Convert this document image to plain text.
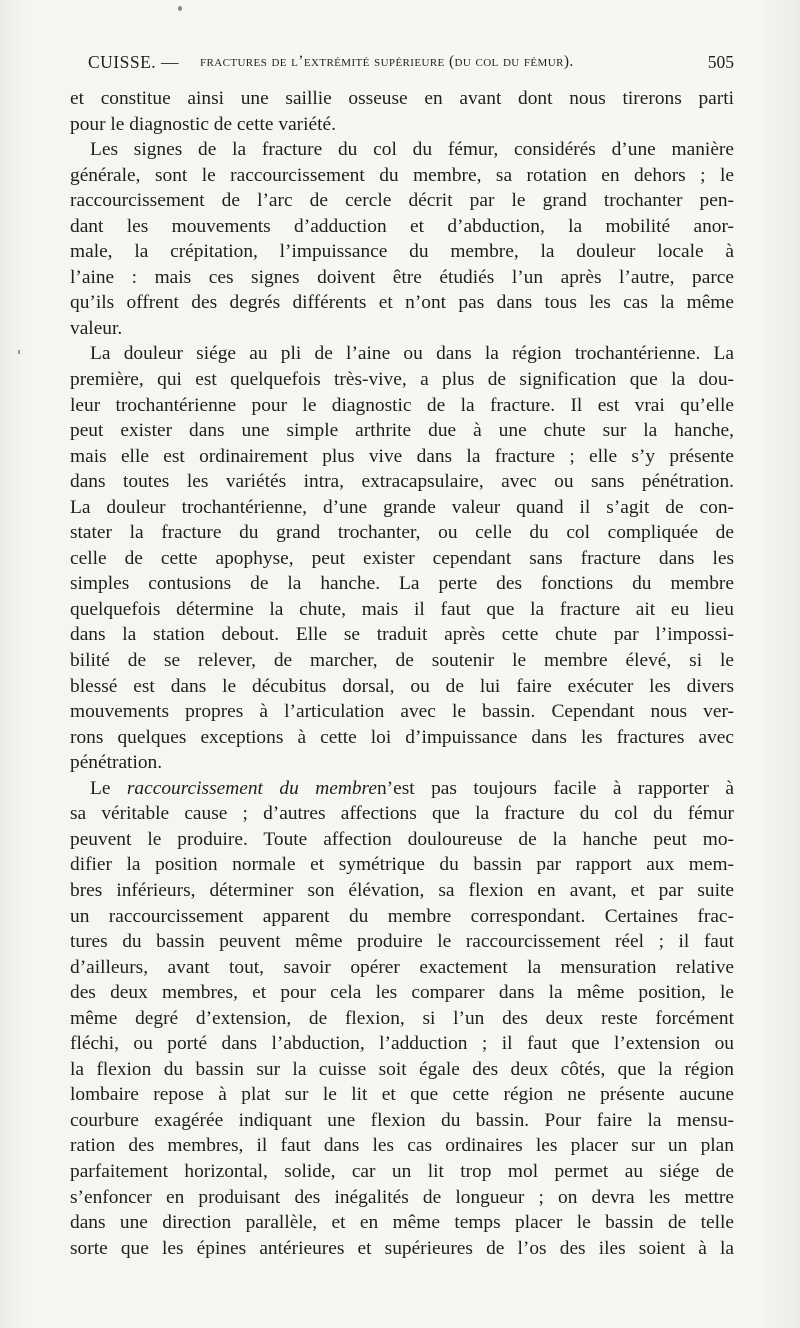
CUISSE. — fractures de l’extrémité supérieure (du col du fémur).	505
et constitue ainsi une saillie osseuse en avant dont nous tirerons parti
pour le diagnostic de cette variété.
Les signes de la fracture du col du fémur, considérés d’une manière
générale, sont le raccourcissement du membre, sa rotation en dehors ; le
raccourcissement de l’arc de cercle décrit par le grand trochanter pen-
dant les mouvements d’adduction et d’abduction, la mobilité anor-
male, la crépitation, l’impuissance du membre, la douleur locale à
l’aine : mais ces signes doivent être étudiés l’un après l’autre, parce
qu’ils offrent des degrés différents et n’ont pas dans tous les cas la même
valeur.
La douleur siége au pli de l’aine ou dans la région trochantérienne. La
première, qui est quelquefois très-vive, a plus de signification que la dou-
leur trochantérienne pour le diagnostic de la fracture. Il est vrai qu’elle
peut exister dans une simple arthrite due à une chute sur la hanche,
mais elle est ordinairement plus vive dans la fracture ; elle s’y présente
dans toutes les variétés intra, extracapsulaire, avec ou sans pénétration.
La douleur trochantérienne, d’une grande valeur quand il s’agit de con-
stater la fracture du grand trochanter, ou celle du col compliquée de
celle de cette apophyse, peut exister cependant sans fracture dans les
simples contusions de la hanche. La perte des fonctions du membre
quelquefois détermine la chute, mais il faut que la fracture ait eu lieu
dans la station debout. Elle se traduit après cette chute par l’impossi-
bilité de se relever, de marcher, de soutenir le membre élevé, si le
blessé est dans le décubitus dorsal, ou de lui faire exécuter les divers
mouvements propres à l’articulation avec le bassin. Cependant nous ver-
rons quelques exceptions à cette loi d’impuissance dans les fractures avec
pénétration.
Le raccourcissement du membren’est pas toujours facile à rapporter à
sa véritable cause ; d’autres affections que la fracture du col du fémur
peuvent le produire. Toute affection douloureuse de la hanche peut mo-
difier la position normale et symétrique du bassin par rapport aux mem-
bres inférieurs, déterminer son élévation, sa flexion en avant, et par suite
un raccourcissement apparent du membre correspondant. Certaines frac-
tures du bassin peuvent même produire le raccourcissement réel ; il faut
d’ailleurs, avant tout, savoir opérer exactement la mensuration relative
des deux membres, et pour cela les comparer dans la même position, le
même degré d’extension, de flexion, si l’un des deux reste forcément
fléchi, ou porté dans l’abduction, l’adduction ; il faut que l’extension ou
la flexion du bassin sur la cuisse soit égale des deux côtés, que la région
lombaire repose à plat sur le lit et que cette région ne présente aucune
courbure exagérée indiquant une flexion du bassin. Pour faire la mensu-
ration des membres, il faut dans les cas ordinaires les placer sur un plan
parfaitement horizontal, solide, car un lit trop mol permet au siége de
s’enfoncer en produisant des inégalités de longueur ; on devra les mettre
dans une direction parallèle, et en même temps placer le bassin de telle
sorte que les épines antérieures et supérieures de l’os des iles soient à la
